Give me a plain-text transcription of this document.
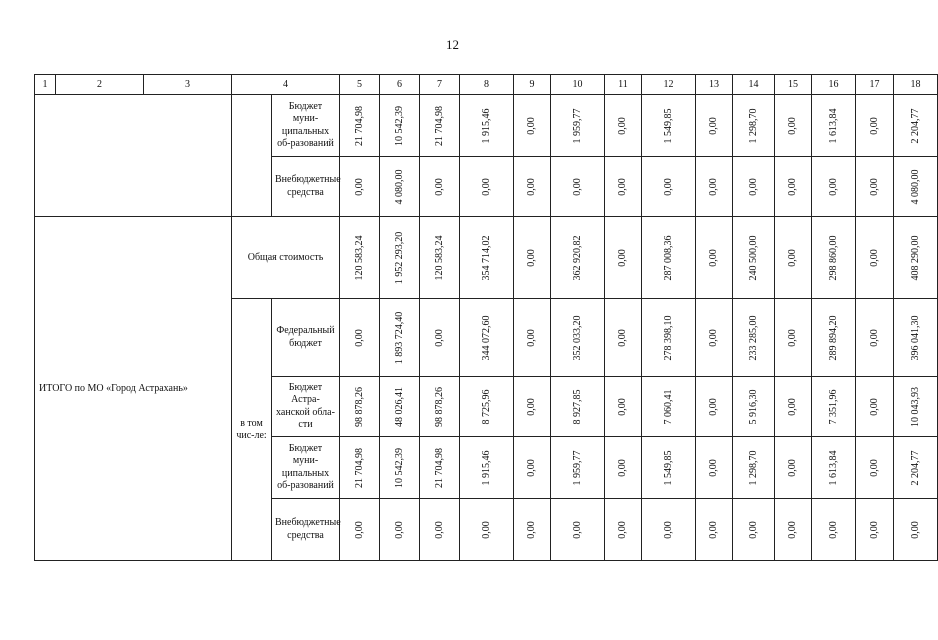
12
1	2	3	4		5	6	7	8	9	10	11	12	13	14	15	16	17	18
				Бюджет муни-ципальных об-разований	21 704,98	10 542,39	21 704,98	1 915,46	0,00	1 959,77	0,00	1 549,85	0,00	1 298,70	0,00	1 613,84	0,00	2 204,77

				Внебюджетные средства	0,00	4 080,00	0,00	0,00	0,00	0,00	0,00	0,00	0,00	0,00	0,00	0,00	0,00	4 080,00

ИТОГО по МО «Город Астрахань»			Общая стоимость		120 583,24	1 952 293,20	120 583,24	354 714,02	0,00	362 920,82	0,00	287 008,36	0,00	240 500,00	0,00	298 860,00	0,00	408 290,00

			в том чис-ле:	Федеральный бюджет	0,00	1 893 724,40	0,00	344 072,60	0,00	352 033,20	0,00	278 398,10	0,00	233 285,00	0,00	289 894,20	0,00	396 041,30

				Бюджет Астра-ханской обла-сти	98 878,26	48 026,41	98 878,26	8 725,96	0,00	8 927,85	0,00	7 060,41	0,00	5 916,30	0,00	7 351,96	0,00	10 043,93

				Бюджет муни-ципальных об-разований	21 704,98	10 542,39	21 704,98	1 915,46	0,00	1 959,77	0,00	1 549,85	0,00	1 298,70	0,00	1 613,84	0,00	2 204,77

				Внебюджетные средства	0,00	0,00	0,00	0,00	0,00	0,00	0,00	0,00	0,00	0,00	0,00	0,00	0,00	0,00
